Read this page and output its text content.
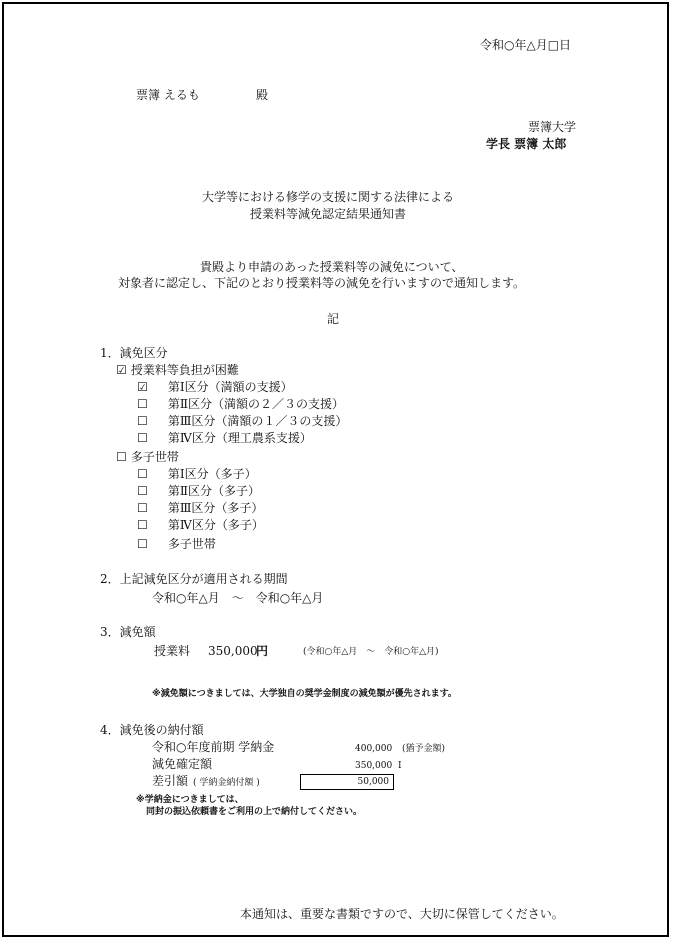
令和○年△月□日
票簿 えるも	殿
票簿大学
学長 票簿 太郎
大学等における修学の支援に関する法律による
授業料等減免認定結果通知書
貴殿より申請のあった授業料等の減免について、
対象者に認定し、下記のとおり授業料等の減免を行いますので通知します。
記
1．減免区分
☑ 授業料等負担が困難
☑ 第Ⅰ区分（満額の支援）
☐ 第Ⅱ区分（満額の２／３の支援）
☐ 第Ⅲ区分（満額の１／３の支援）
☐ 第Ⅳ区分（理工農系支援）
☐ 多子世帯
☐ 第Ⅰ区分（多子）
☐ 第Ⅱ区分（多子）
☐ 第Ⅲ区分（多子）
☐ 第Ⅳ区分（多子）
☐ 多子世帯
2．上記減免区分が適用される期間
令和○年△月　～　令和○年△月
3．減免額
授業料 350,000
円	(令和○年△月　～　令和○年△月)
※減免額につきましては、大学独自の奨学金制度の減免額が優先されます。
4．減免後の納付額
令和○年度前期 学納金	400,000 (猶予金額)
減免確定額	350,000 I
差引額 ( 学納金納付額 )	50,000
※学納金につきましては、
同封の振込依頼書をご利用の上で納付してください。
本通知は、重要な書類ですので、大切に保管してください。
